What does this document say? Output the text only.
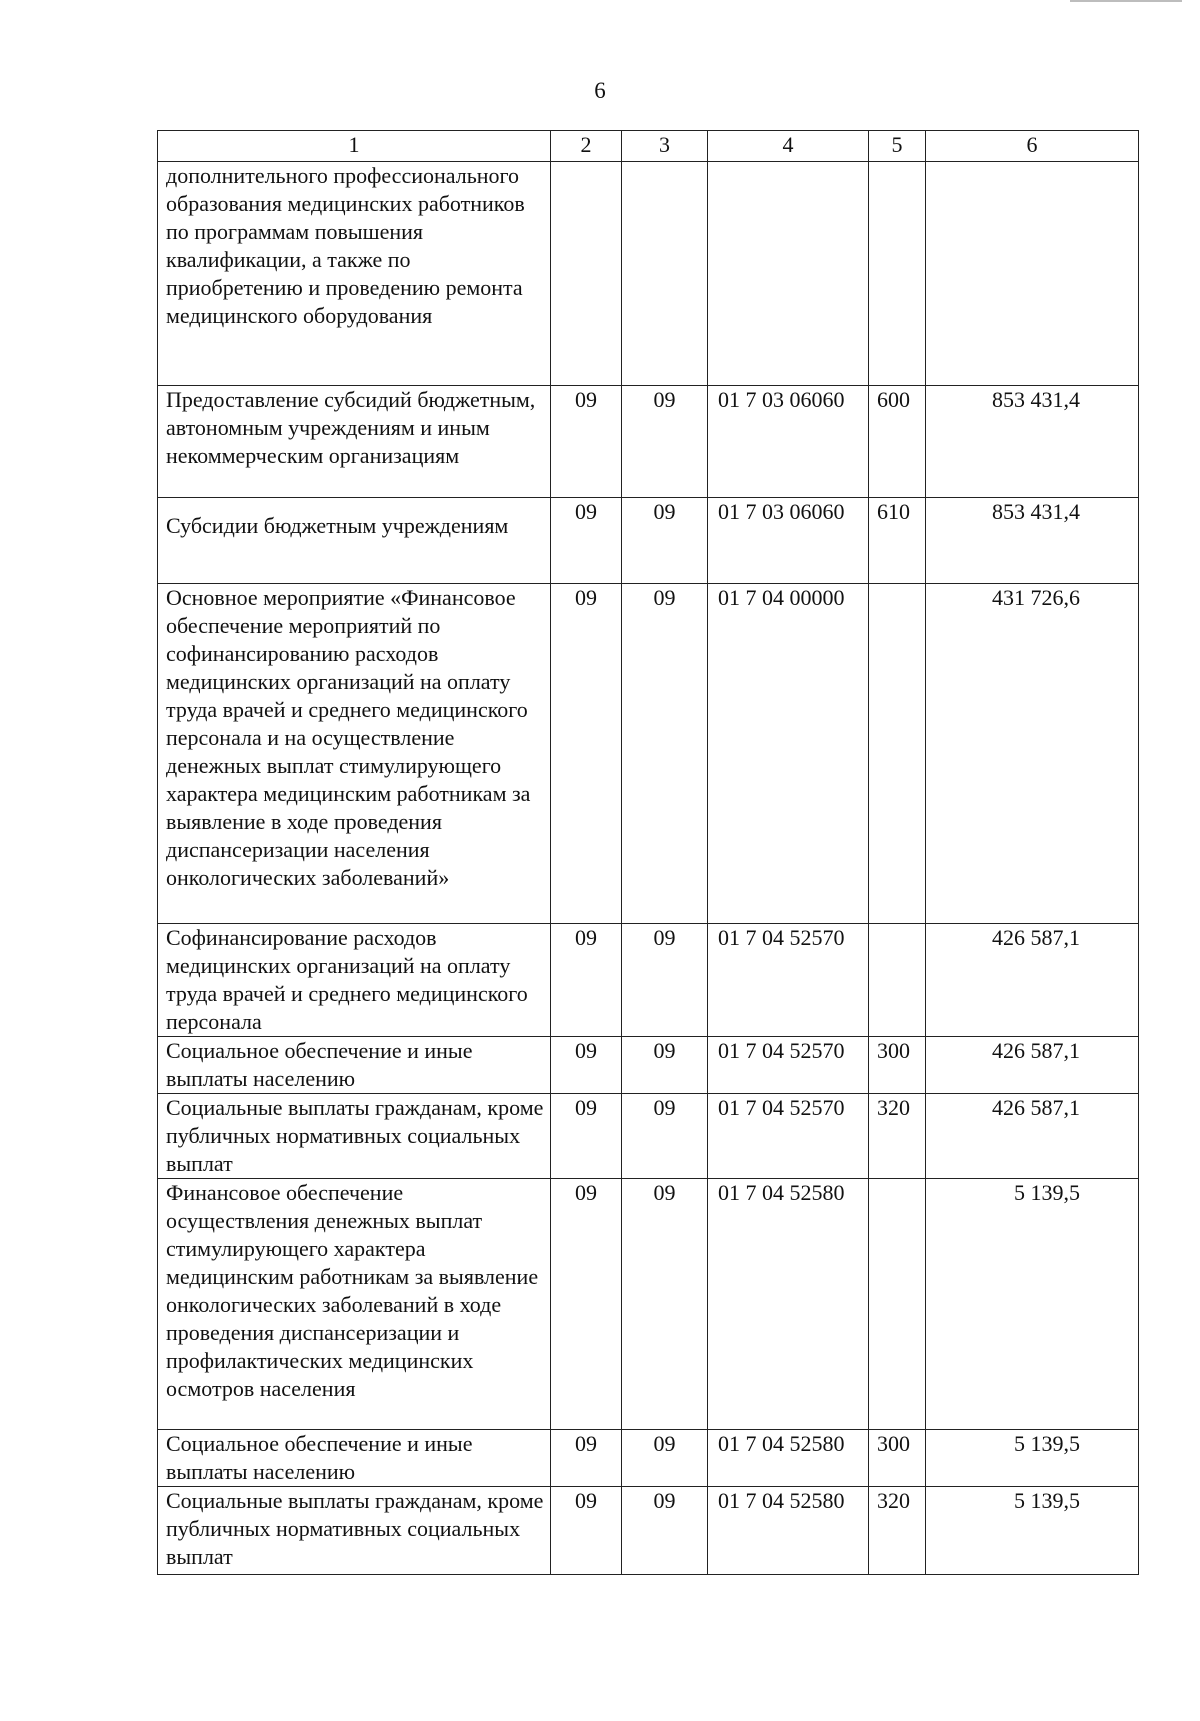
6
1	2	3	4	5	6
дополнительного профессионального образования медицинских работников по программам повышения квалификации, а также по приобретению и проведению ремонта медицинского оборудования					
Предоставление субсидий бюджетным, автономным учреждениям и иным некоммерческим организациям	09	09	01 7 03 06060	600	853 431,4

Субсидии бюджетным учреждениям	09	09	01 7 03 06060	610	853 431,4
Основное мероприятие «Финансовое обеспечение мероприятий по софинансированию расходов медицинских организаций на оплату труда врачей и среднего медицинского персонала и на осуществление денежных выплат стимулирующего характера медицинским работникам за выявление в ходе проведения диспансеризации населения онкологических заболеваний»	09	09	01 7 04 00000		431 726,6
Софинансирование расходов медицинских организаций на оплату труда врачей и среднего медицинского персонала	09	09	01 7 04 52570		426 587,1
Социальное обеспечение и иные выплаты населению	09	09	01 7 04 52570	300	426 587,1
Социальные выплаты гражданам, кроме публичных нормативных социальных выплат	09	09	01 7 04 52570	320	426 587,1
Финансовое обеспечение осуществления денежных выплат стимулирующего характера медицинским работникам за выявление онкологических заболеваний в ходе проведения диспансеризации и профилактических медицинских осмотров населения	09	09	01 7 04 52580		5 139,5
Социальное обеспечение и иные выплаты населению	09	09	01 7 04 52580	300	5 139,5
Социальные выплаты гражданам, кроме публичных нормативных социальных выплат	09	09	01 7 04 52580	320	5 139,5
